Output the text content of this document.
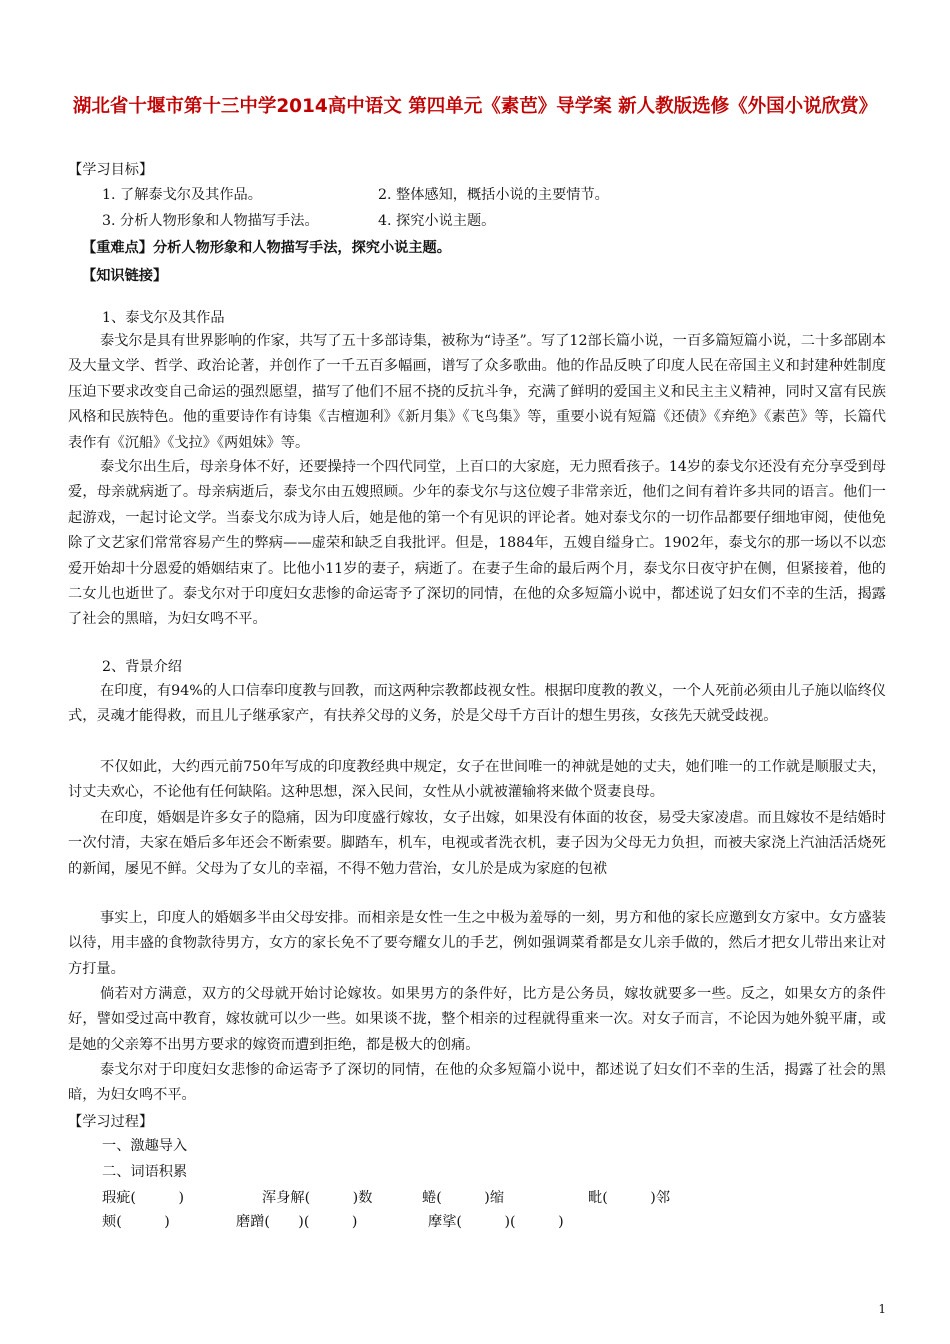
湖北省十堰市第十三中学2014高中语文 第四单元《素芭》导学案 新人教版选修《外国小说欣赏》
【学习目标】
1. 了解泰戈尔及其作品。	2. 整体感知，概括小说的主要情节。
3. 分析人物形象和人物描写手法。	4. 探究小说主题。
【重难点】分析人物形象和人物描写手法，探究小说主题。
【知识链接】
1、泰戈尔及其作品
泰戈尔是具有世界影响的作家，共写了五十多部诗集，被称为“诗圣”。写了12部长篇小说，一百多篇短篇小说，二十多部剧本及大量文学、哲学、政治论著，并创作了一千五百多幅画，谱写了众多歌曲。他的作品反映了印度人民在帝国主义和封建种姓制度压迫下要求改变自己命运的强烈愿望，描写了他们不屈不挠的反抗斗争，充满了鲜明的爱国主义和民主主义精神，同时又富有民族风格和民族特色。他的重要诗作有诗集《吉檀迦利》《新月集》《飞鸟集》等，重要小说有短篇《还债》《弃绝》《素芭》等，长篇代表作有《沉船》《戈拉》《两姐妹》等。
泰戈尔出生后，母亲身体不好，还要操持一个四代同堂，上百口的大家庭，无力照看孩子。14岁的泰戈尔还没有充分享受到母爱，母亲就病逝了。母亲病逝后，泰戈尔由五嫂照顾。少年的泰戈尔与这位嫂子非常亲近，他们之间有着许多共同的语言。他们一起游戏，一起讨论文学。当泰戈尔成为诗人后，她是他的第一个有见识的评论者。她对泰戈尔的一切作品都要仔细地审阅，使他免除了文艺家们常常容易产生的弊病——虚荣和缺乏自我批评。但是，1884年，五嫂自缢身亡。1902年，泰戈尔的那一场以不以恋爱开始却十分恩爱的婚姻结束了。比他小11岁的妻子，病逝了。在妻子生命的最后两个月，泰戈尔日夜守护在侧，但紧接着，他的二女儿也逝世了。泰戈尔对于印度妇女悲惨的命运寄予了深切的同情，在他的众多短篇小说中，都述说了妇女们不幸的生活，揭露了社会的黑暗，为妇女鸣不平。
2、背景介绍
在印度，有94%的人口信奉印度教与回教，而这两种宗教都歧视女性。根据印度教的教义，一个人死前必须由儿子施以临终仪式，灵魂才能得救，而且儿子继承家产，有扶养父母的义务，於是父母千方百计的想生男孩，女孩先天就受歧视。
不仅如此，大约西元前750年写成的印度教经典中规定，女子在世间唯一的神就是她的丈夫，她们唯一的工作就是顺服丈夫，讨丈夫欢心，不论他有任何缺陷。这种思想，深入民间，女性从小就被灌输将来做个贤妻良母。
在印度，婚姻是许多女子的隐痛，因为印度盛行嫁妆，女子出嫁，如果没有体面的妆奁，易受夫家凌虐。而且嫁妆不是结婚时一次付清，夫家在婚后多年还会不断索要。脚踏车，机车，电视或者洗衣机，妻子因为父母无力负担，而被夫家浇上汽油活活烧死的新闻，屡见不鲜。父母为了女儿的幸福，不得不勉力营治，女儿於是成为家庭的包袱
事实上，印度人的婚姻多半由父母安排。而相亲是女性一生之中极为羞辱的一刻，男方和他的家长应邀到女方家中。女方盛装以待，用丰盛的食物款待男方，女方的家长免不了要夸耀女儿的手艺，例如强调菜肴都是女儿亲手做的，然后才把女儿带出来让对方打量。
倘若对方满意，双方的父母就开始讨论嫁妆。如果男方的条件好，比方是公务员，嫁妆就要多一些。反之，如果女方的条件好，譬如受过高中教育，嫁妆就可以少一些。如果谈不拢，整个相亲的过程就得重来一次。对女子而言，不论因为她外貌平庸，或是她的父亲筹不出男方要求的嫁资而遭到拒绝，都是极大的创痛。
泰戈尔对于印度妇女悲惨的命运寄予了深切的同情，在他的众多短篇小说中，都述说了妇女们不幸的生活，揭露了社会的黑暗，为妇女鸣不平。
【学习过程】
一、激趣导入
二、词语积累
瑕疵(　　　)	浑身解(　　　)数	蜷(　　　)缩	毗(　　　)邻
颊(　　　)	磨蹭(　　)(　　　)	摩挲(　　　)(　　　)
1
